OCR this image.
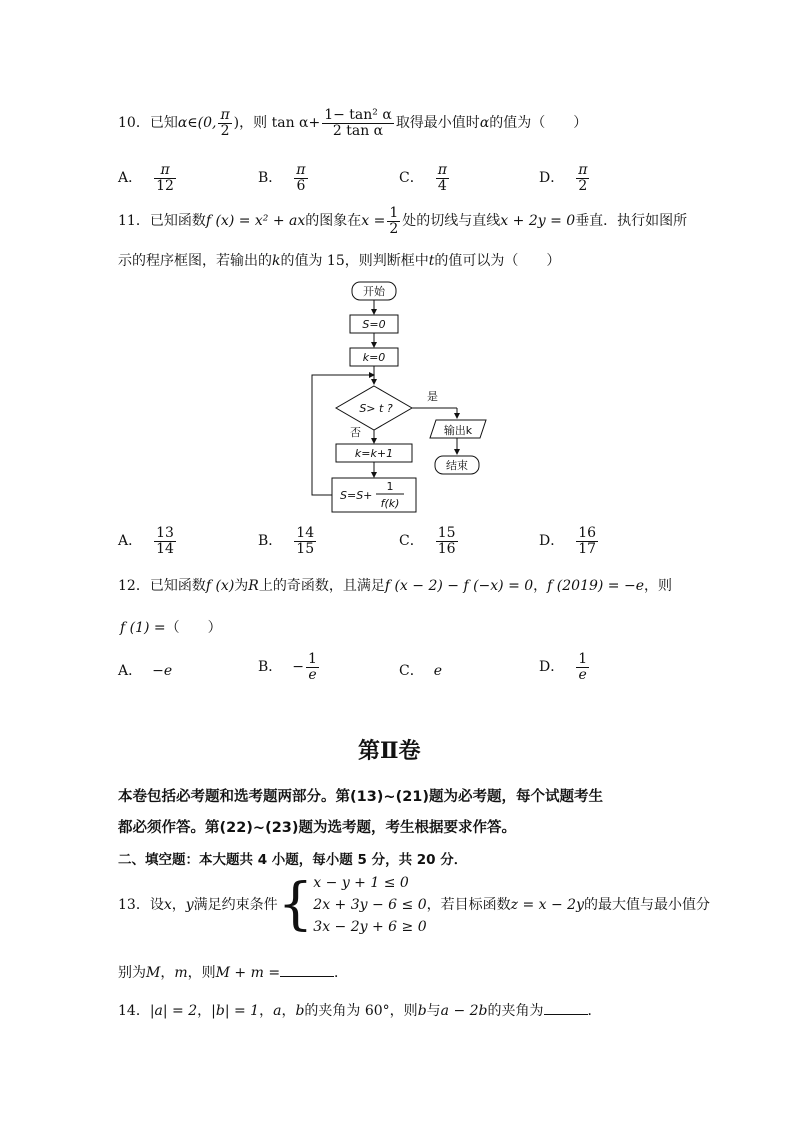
10．已知α∈(0, $\frac{\pi}{2}$ )，则 $\tan \alpha+ \frac{\text{1− tan² α}}{\text{2 tan α}}$ 取得最小值时α的值为（　　）
A． $\frac{\pi}{12}$	B． $\frac{\pi}{6}$	C． $\frac{\pi}{4}$	D． $\frac{\pi}{2}$
11．已知函数f (x) = x² + ax的图象在$x = \frac{1}{2}$ 处的切线与直线x + 2y = 0垂直．执行如图所
示的程序框图，若输出的k的值为 15，则判断框中t的值可以为（　　）
开始
S=0
k=0
S> t ?
是
输出k
结束
否
k=k+1
S=S+
1
f(k)
A． $\frac{13}{14}$	B． $\frac{14}{15}$	C． $\frac{15}{16}$	D． $\frac{16}{17}$
12．已知函数f (x)为R上的奇函数，且满足f (x − 2) − f (−x) = 0，f (2019) = −e，则
f (1) =（　　）
A． −e	B． − $\frac{1}{e}$	C． e	D． $\frac{1}{e}$
第Ⅱ卷
本卷包括必考题和选考题两部分。第(13)~(21)题为必考题，每个试题考生
都必须作答。第(22)~(23)题为选考题，考生根据要求作答。
二、填空题：本大题共 4 小题，每小题 5 分，共 20 分．
13．设x，y满足约束条件{ x − y + 1 ≤ 0
2x + 3y − 6 ≤ 0
3x − 2y + 6 ≥ 0
，若目标函数z = x − 2y的最大值与最小值分
别为M，m，则M + m =	．
14．|a| = 2，|b| = 1，a，b的夹角为 60°，则b与a − 2b的夹角为	．
